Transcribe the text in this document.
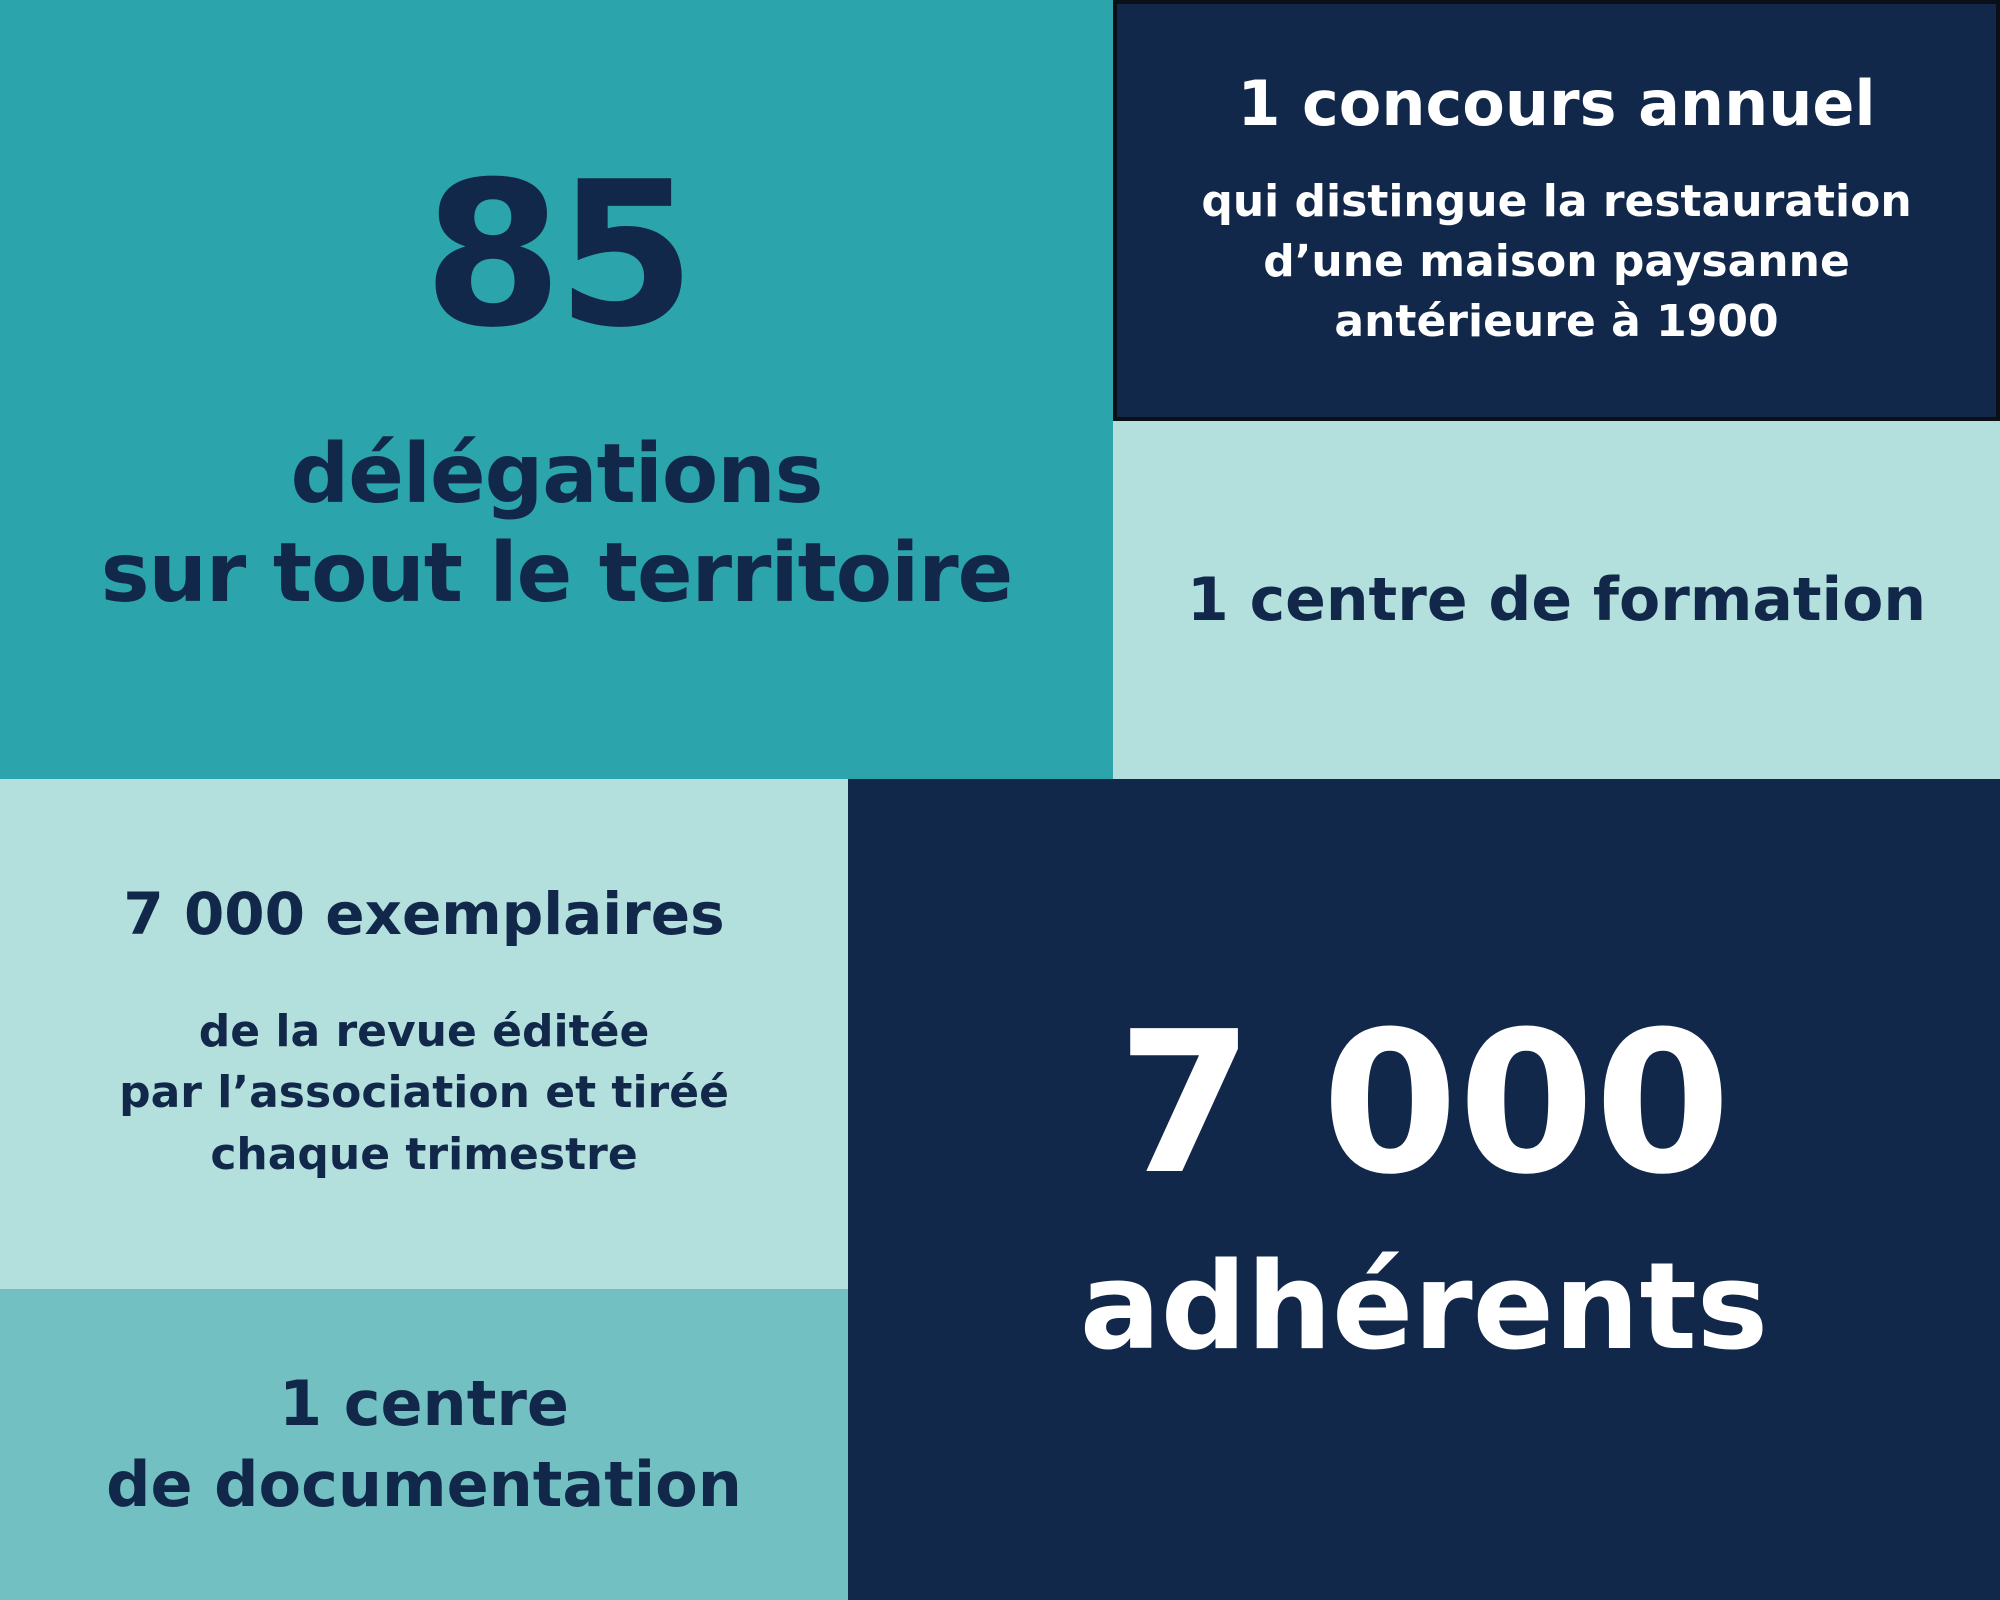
85
délégations
sur tout le territoire
1 concours annuel
qui distingue la restauration
d’une maison paysanne
antérieure à 1900
1 centre de formation
7 000 exemplaires
de la revue éditée
par l’association et tiréé
chaque trimestre
1 centre
de documentation
7 000
adhérents
